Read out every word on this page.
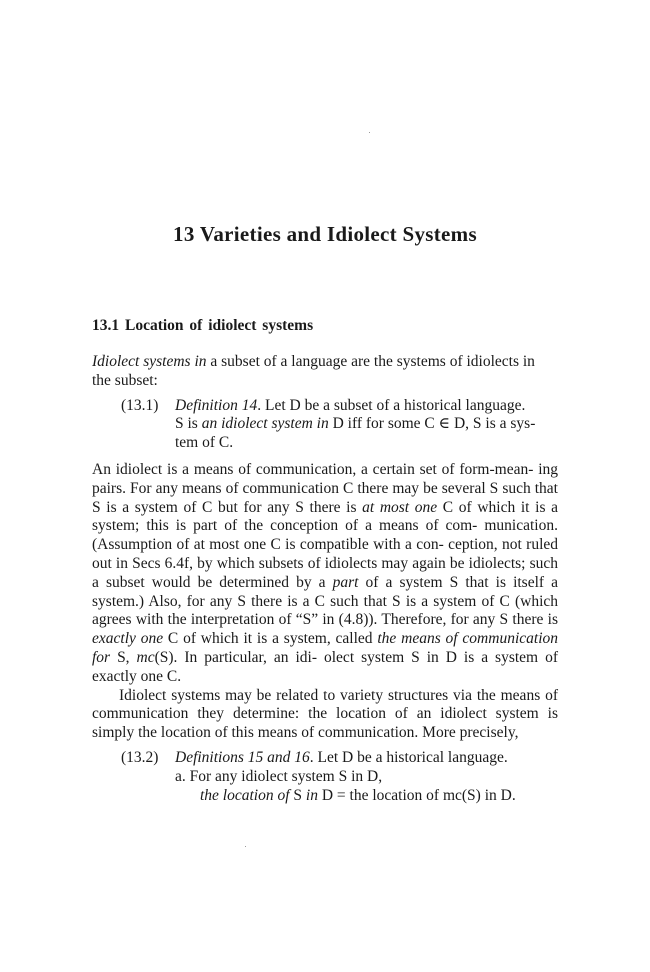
13 Varieties and Idiolect Systems
13.1 Location of idiolect systems

Idiolect systems in a subset of a language are the systems of idiolects in
the subset:

(13.1) Definition 14. Let D be a subset of a historical language.
S is an idiolect system in D iff for some C ∈ D, S is a sys-
tem of C.

An idiolect is a means of communication, a certain set of form-mean- ing pairs. For any means of communication C there may be several S such that S is a system of C but for any S there is at most one C of which it is a system; this is part of the conception of a means of com- munication. (Assumption of at most one C is compatible with a con- ception, not ruled out in Secs 6.4f, by which subsets of idiolects may again be idiolects; such a subset would be determined by a part of a system S that is itself a system.) Also, for any S there is a C such that S is a system of C (which agrees with the interpretation of “S” in (4.8)). Therefore, for any S there is exactly one C of which it is a system, called the means of communication for S, mc(S). In particular, an idi- olect system S in D is a system of exactly one C.

Idiolect systems may be related to variety structures via the means of communication they determine: the location of an idiolect system is simply the location of this means of communication. More precisely,

(13.2) Definitions 15 and 16. Let D be a historical language.
a. For any idiolect system S in D,
the location of S in D = the location of mc(S) in D.
